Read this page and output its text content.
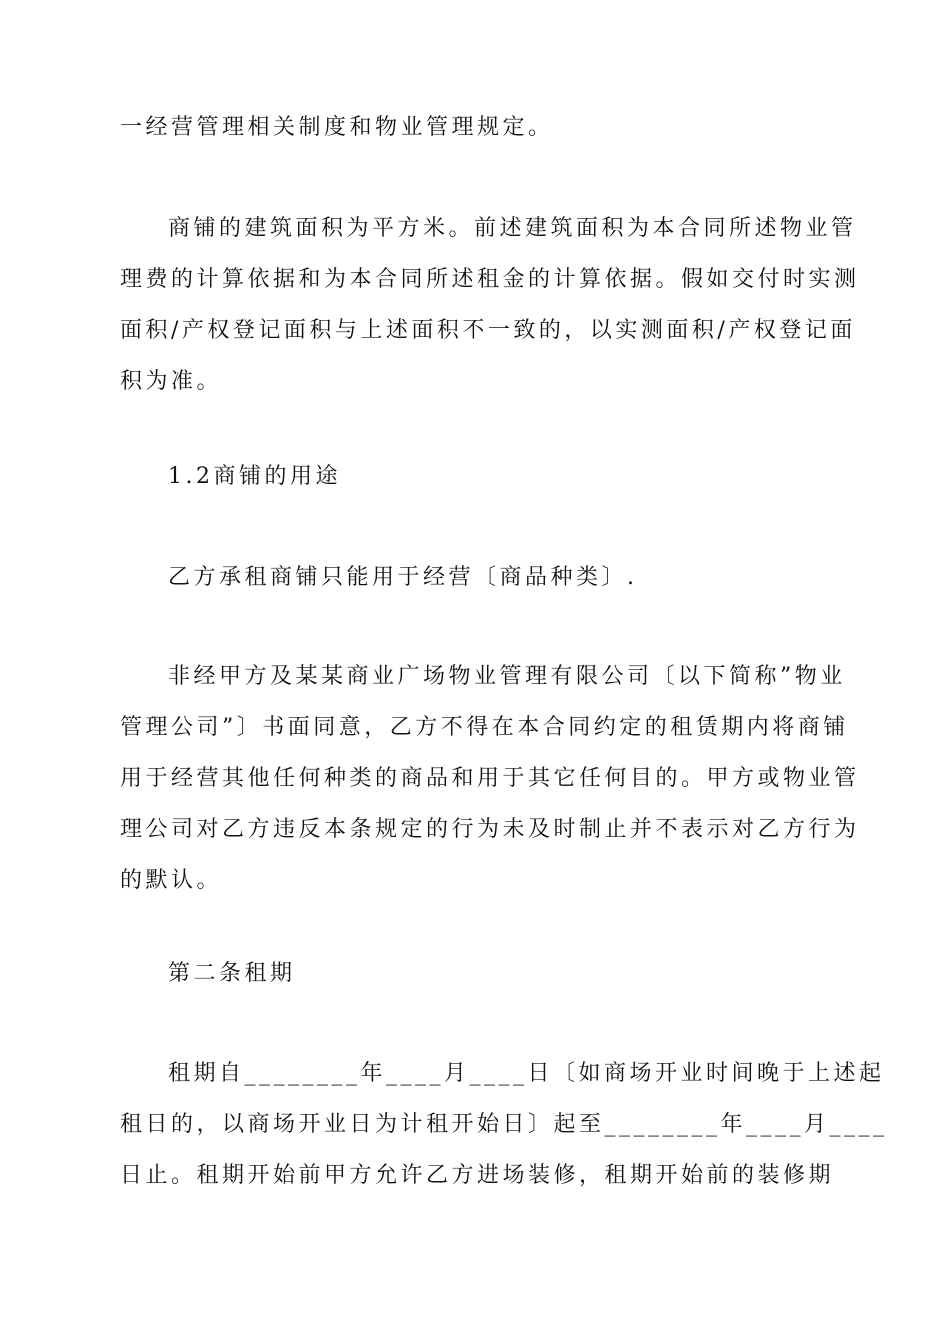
一经营管理相关制度和物业管理规定。

商铺的建筑面积为平方米。前述建筑面积为本合同所述物业管
理费的计算依据和为本合同所述租金的计算依据。假如交付时实测
面积/产权登记面积与上述面积不一致的，以实测面积/产权登记面
积为准。

1.2商铺的用途

乙方承租商铺只能用于经营〔商品种类〕.

非经甲方及某某商业广场物业管理有限公司〔以下简称”物业
管理公司”〕书面同意，乙方不得在本合同约定的租赁期内将商铺
用于经营其他任何种类的商品和用于其它任何目的。甲方或物业管
理公司对乙方违反本条规定的行为未及时制止并不表示对乙方行为
的默认。

第二条租期

租期自________年____月____日〔如商场开业时间晚于上述起
租日的，以商场开业日为计租开始日〕起至________年____月____
日止。租期开始前甲方允许乙方进场装修，租期开始前的装修期
